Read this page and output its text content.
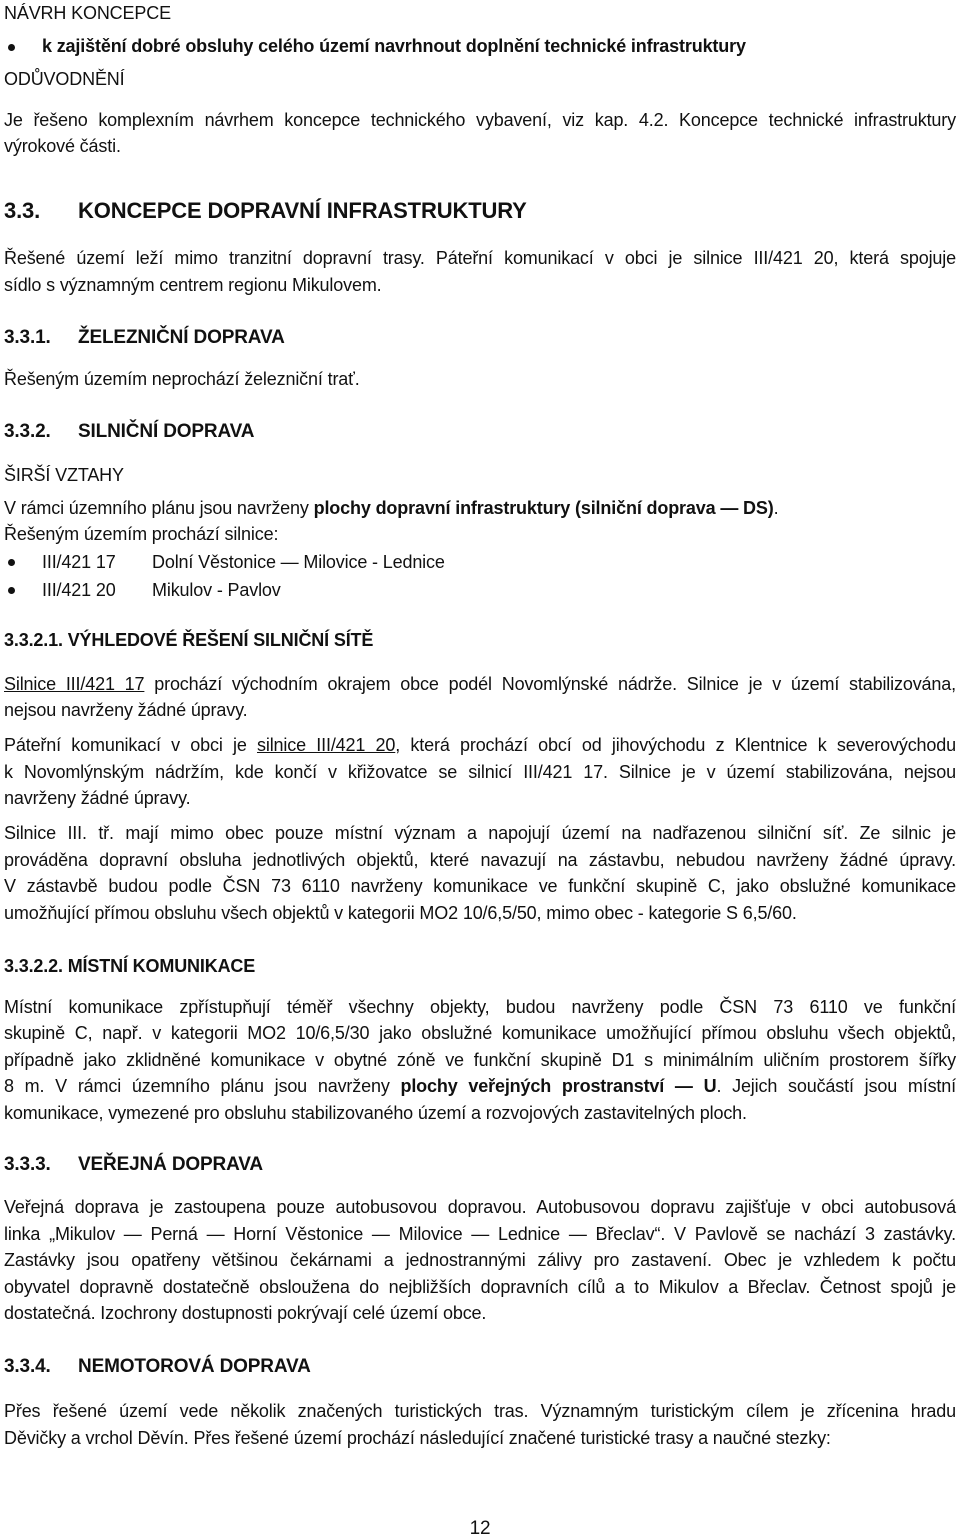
NÁVRH KONCEPCE
k zajištění dobré obsluhy celého území navrhnout doplnění technické infrastruktury
ODŮVODNĚNÍ
Je řešeno komplexním návrhem koncepce technického vybavení, viz kap. 4.2. Koncepce technické infrastruktury
výrokové části.
3.3. KONCEPCE DOPRAVNÍ INFRASTRUKTURY
Řešené území leží mimo tranzitní dopravní trasy. Páteřní komunikací v obci je silnice III/421 20, která spojuje
sídlo s významným centrem regionu Mikulovem.
3.3.1. ŽELEZNIČNÍ DOPRAVA
Řešeným územím neprochází železniční trať.
3.3.2. SILNIČNÍ DOPRAVA
ŠIRŠÍ VZTAHY
V rámci územního plánu jsou navrženy plochy dopravní infrastruktury (silniční doprava — DS).
Řešeným územím prochází silnice:
III/421 17 Dolní Věstonice — Milovice - Lednice
III/421 20 Mikulov - Pavlov
3.3.2.1. VÝHLEDOVÉ ŘEŠENÍ SILNIČNÍ SÍTĚ
Silnice III/421 17 prochází východním okrajem obce podél Novomlýnské nádrže. Silnice je v území stabilizována,
nejsou navrženy žádné úpravy.
Páteřní komunikací v obci je silnice III/421 20, která prochází obcí od jihovýchodu z Klentnice k severovýchodu
k Novomlýnským nádržím, kde končí v křižovatce se silnicí III/421 17. Silnice je v území stabilizována, nejsou
navrženy žádné úpravy.
Silnice III. tř. mají mimo obec pouze místní význam a napojují území na nadřazenou silniční síť. Ze silnic je
prováděna dopravní obsluha jednotlivých objektů, které navazují na zástavbu, nebudou navrženy žádné úpravy.
V zástavbě budou podle ČSN 73 6110 navrženy komunikace ve funkční skupině C, jako obslužné komunikace
umožňující přímou obsluhu všech objektů v kategorii MO2 10/6,5/50, mimo obec - kategorie S 6,5/60.
3.3.2.2. MÍSTNÍ KOMUNIKACE
Místní komunikace zpřístupňují téměř všechny objekty, budou navrženy podle ČSN 73 6110 ve funkční
skupině C, např. v kategorii MO2 10/6,5/30 jako obslužné komunikace umožňující přímou obsluhu všech objektů,
případně jako zklidněné komunikace v obytné zóně ve funkční skupině D1 s minimálním uličním prostorem šířky
8 m. V rámci územního plánu jsou navrženy plochy veřejných prostranství — U. Jejich součástí jsou místní
komunikace, vymezené pro obsluhu stabilizovaného území a rozvojových zastavitelných ploch.
3.3.3. VEŘEJNÁ DOPRAVA
Veřejná doprava je zastoupena pouze autobusovou dopravou. Autobusovou dopravu zajišťuje v obci autobusová
linka „Mikulov — Perná — Horní Věstonice — Milovice — Lednice — Břeclav“. V Pavlově se nachází 3 zastávky.
Zastávky jsou opatřeny většinou čekárnami a jednostrannými zálivy pro zastavení. Obec je vzhledem k počtu
obyvatel dopravně dostatečně obsloužena do nejbližších dopravních cílů a to Mikulov a Břeclav. Četnost spojů je
dostatečná. Izochrony dostupnosti pokrývají celé území obce.
3.3.4. NEMOTOROVÁ DOPRAVA
Přes řešené území vede několik značených turistických tras. Významným turistickým cílem je zřícenina hradu
Děvičky a vrchol Děvín. Přes řešené území prochází následující značené turistické trasy a naučné stezky:
12
